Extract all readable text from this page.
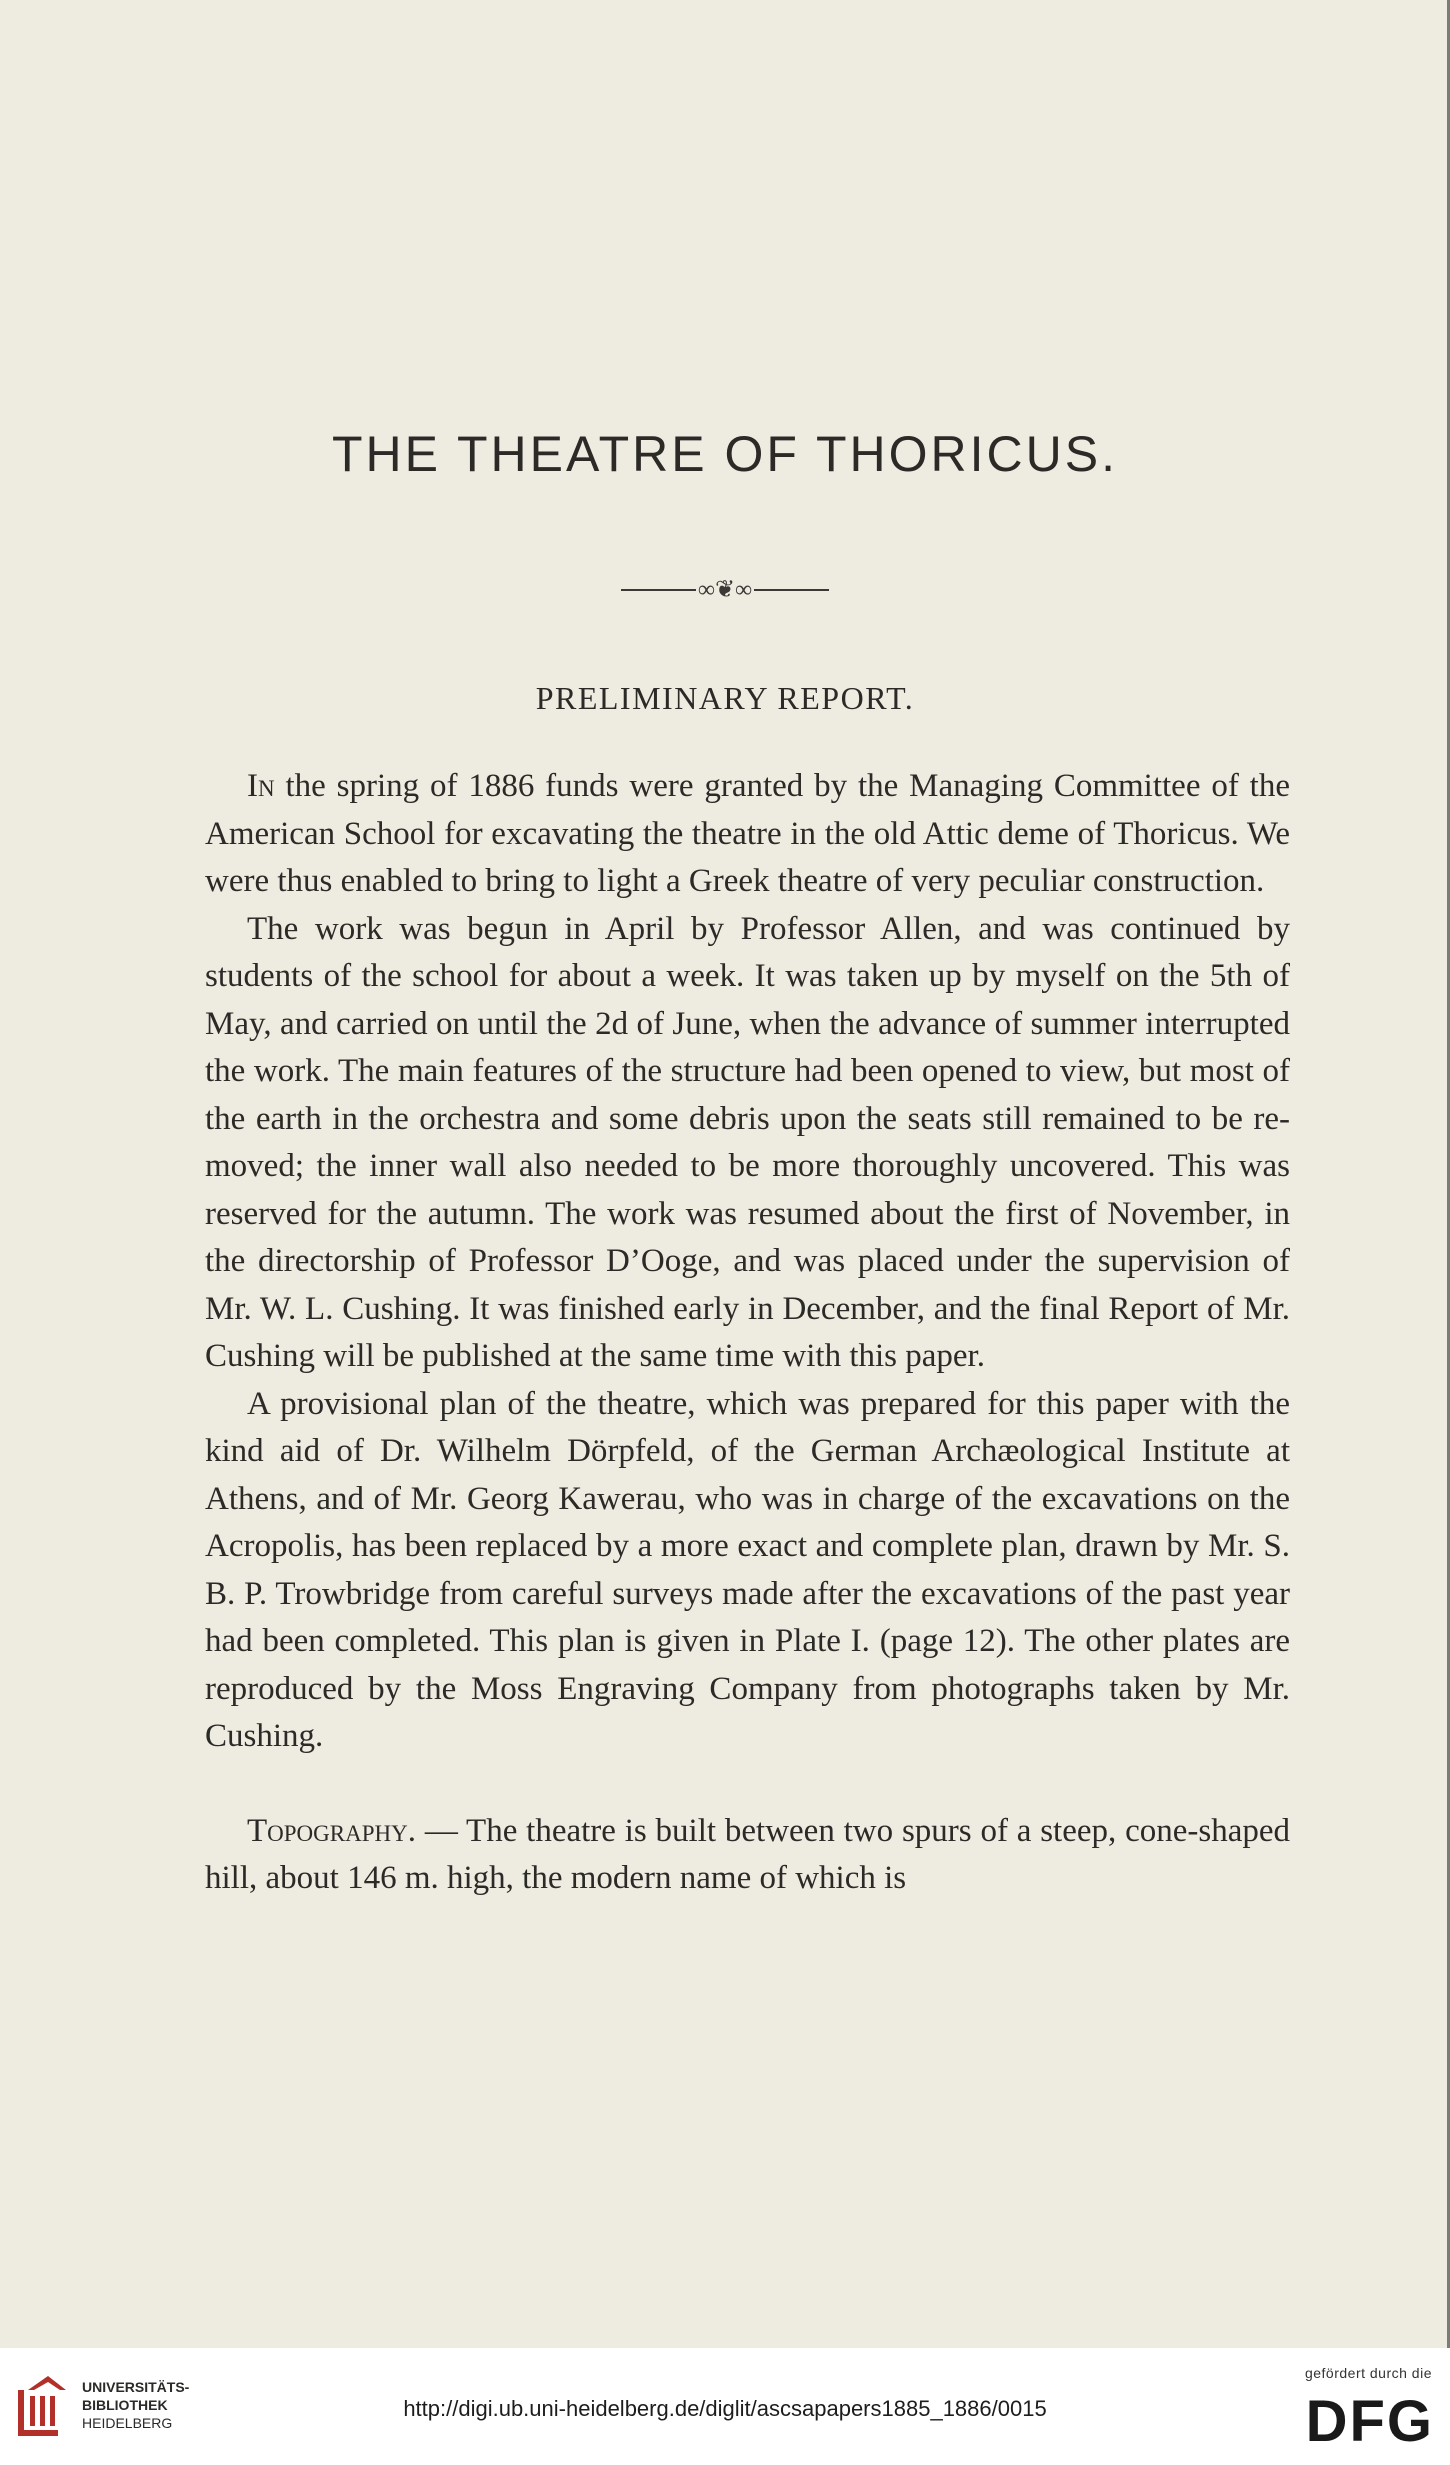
THE THEATRE OF THORICUS.
∞❦∞
PRELIMINARY REPORT.

In the spring of 1886 funds were granted by the Managing Committee of the American School for excavating the theatre in the old Attic deme of Thoricus. We were thus enabled to bring to light a Greek theatre of very peculiar construction.

The work was begun in April by Professor Allen, and was continued by students of the school for about a week. It was taken up by myself on the 5th of May, and carried on until the 2d of June, when the advance of summer interrupted the work. The main features of the structure had been opened to view, but most of the earth in the orchestra and some debris upon the seats still remained to be removed; the inner wall also needed to be more thoroughly uncovered. This was reserved for the autumn. The work was resumed about the first of November, in the directorship of Professor D’Ooge, and was placed under the supervision of Mr. W. L. Cushing. It was finished early in December, and the final Report of Mr. Cushing will be published at the same time with this paper.

A provisional plan of the theatre, which was prepared for this paper with the kind aid of Dr. Wilhelm Dörpfeld, of the German Archæological Institute at Athens, and of Mr. Georg Kawerau, who was in charge of the excavations on the Acropolis, has been replaced by a more exact and complete plan, drawn by Mr. S. B. P. Trowbridge from careful surveys made after the excavations of the past year had been completed. This plan is given in Plate I. (page 12). The other plates are reproduced by the Moss Engraving Company from photographs taken by Mr. Cushing.

Topography. — The theatre is built between two spurs of a steep, cone-shaped hill, about 146 m. high, the modern name of which is

UNIVERSITÄTS-
BIBLIOTHEK
HEIDELBERG
http://digi.ub.uni-heidelberg.de/diglit/ascsapapers1885_1886/0015
gefördert durch die
DFG
